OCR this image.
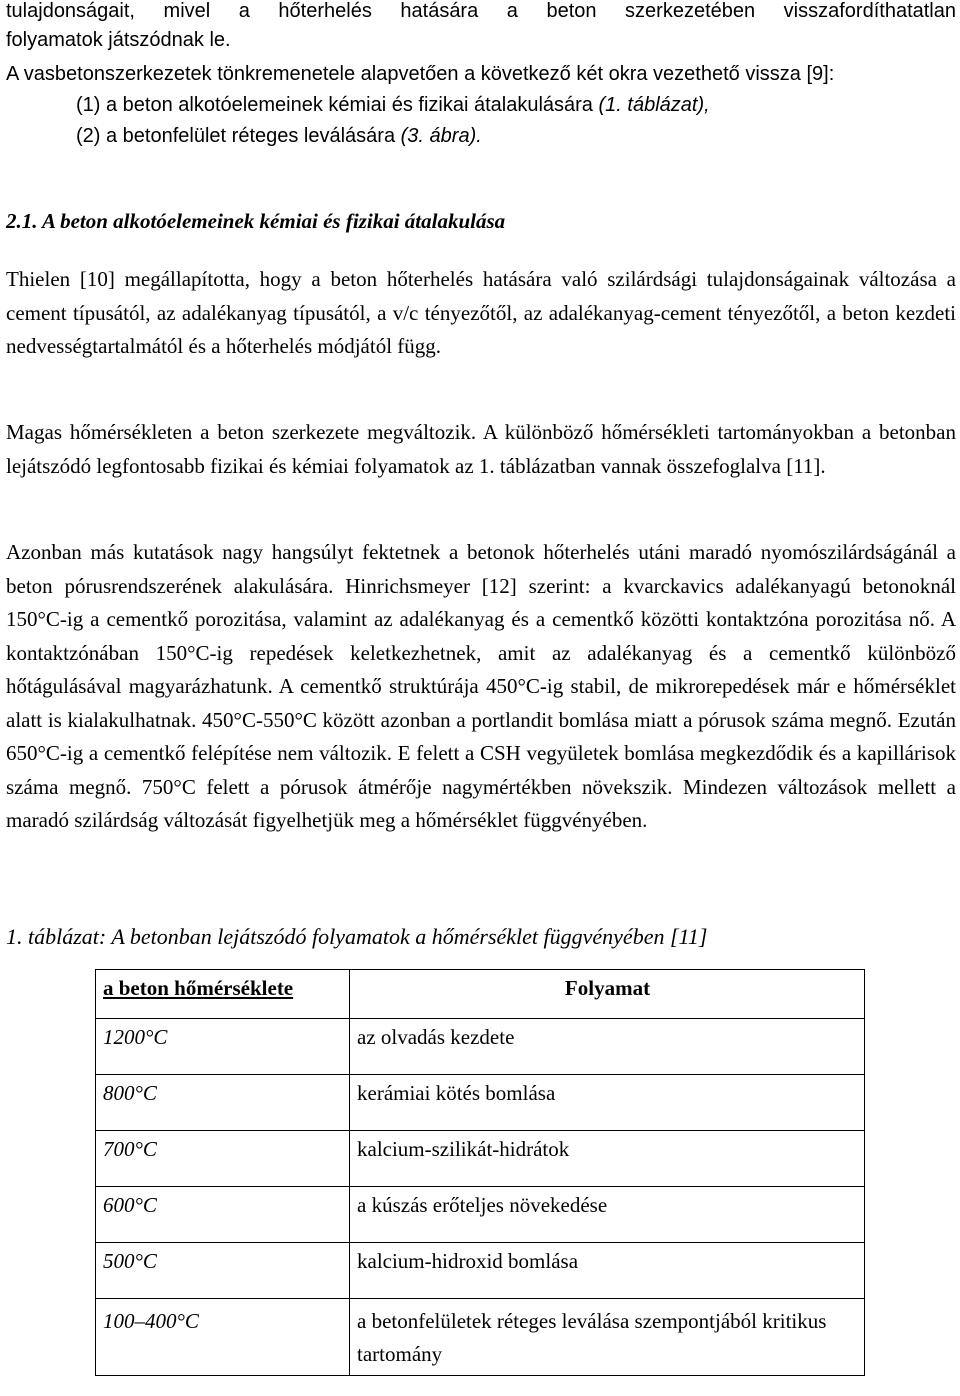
tulajdonságait, mivel a hőterhelés hatására a beton szerkezetében visszafordíthatatlan

folyamatok játszódnak le.

A vasbetonszerkezetek tönkremenetele alapvetően a következő két okra vezethető vissza [9]:

(1) a beton alkotóelemeinek kémiai és fizikai átalakulására (1. táblázat),

(2) a betonfelület réteges leválására (3. ábra).

2.1. A beton alkotóelemeinek kémiai és fizikai átalakulása

Thielen [10] megállapította, hogy a beton hőterhelés hatására való szilárdsági tulajdonságainak változása a cement típusától, az adalékanyag típusától, a v/c tényezőtől, az adalékanyag-cement tényezőtől, a beton kezdeti nedvességtartalmától és a hőterhelés módjától függ.

Magas hőmérsékleten a beton szerkezete megváltozik. A különböző hőmérsékleti tartományokban a betonban lejátszódó legfontosabb fizikai és kémiai folyamatok az 1. táblázatban vannak összefoglalva [11].

Azonban más kutatások nagy hangsúlyt fektetnek a betonok hőterhelés utáni maradó nyomószilárdságánál a beton pórusrendszerének alakulására. Hinrichsmeyer [12] szerint: a kvarckavics adalékanyagú betonoknál 150°C-ig a cementkő porozitása, valamint az adalékanyag és a cementkő közötti kontaktzóna porozitása nő. A kontaktzónában 150°C-ig repedések keletkezhetnek, amit az adalékanyag és a cementkő különböző hőtágulásával magyarázhatunk. A cementkő struktúrája 450°C-ig stabil, de mikrorepedések már e hőmérséklet alatt is kialakulhatnak. 450°C-550°C között azonban a portlandit bomlása miatt a pórusok száma megnő. Ezután 650°C-ig a cementkő felépítése nem változik. E felett a CSH vegyületek bomlása megkezdődik és a kapillárisok száma megnő. 750°C felett a pórusok átmérője nagymértékben növekszik. Mindezen változások mellett a maradó szilárdság változását figyelhetjük meg a hőmérséklet függvényében.

1. táblázat: A betonban lejátszódó folyamatok a hőmérséklet függvényében [11]

a beton hőmérséklete	Folyamat
1200°C	az olvadás kezdete
800°C	kerámiai kötés bomlása
700°C	kalcium-szilikát-hidrátok
600°C	a kúszás erőteljes növekedése
500°C	kalcium-hidroxid bomlása
100–400°C	a betonfelületek réteges leválása szempontjából kritikus tartomány
